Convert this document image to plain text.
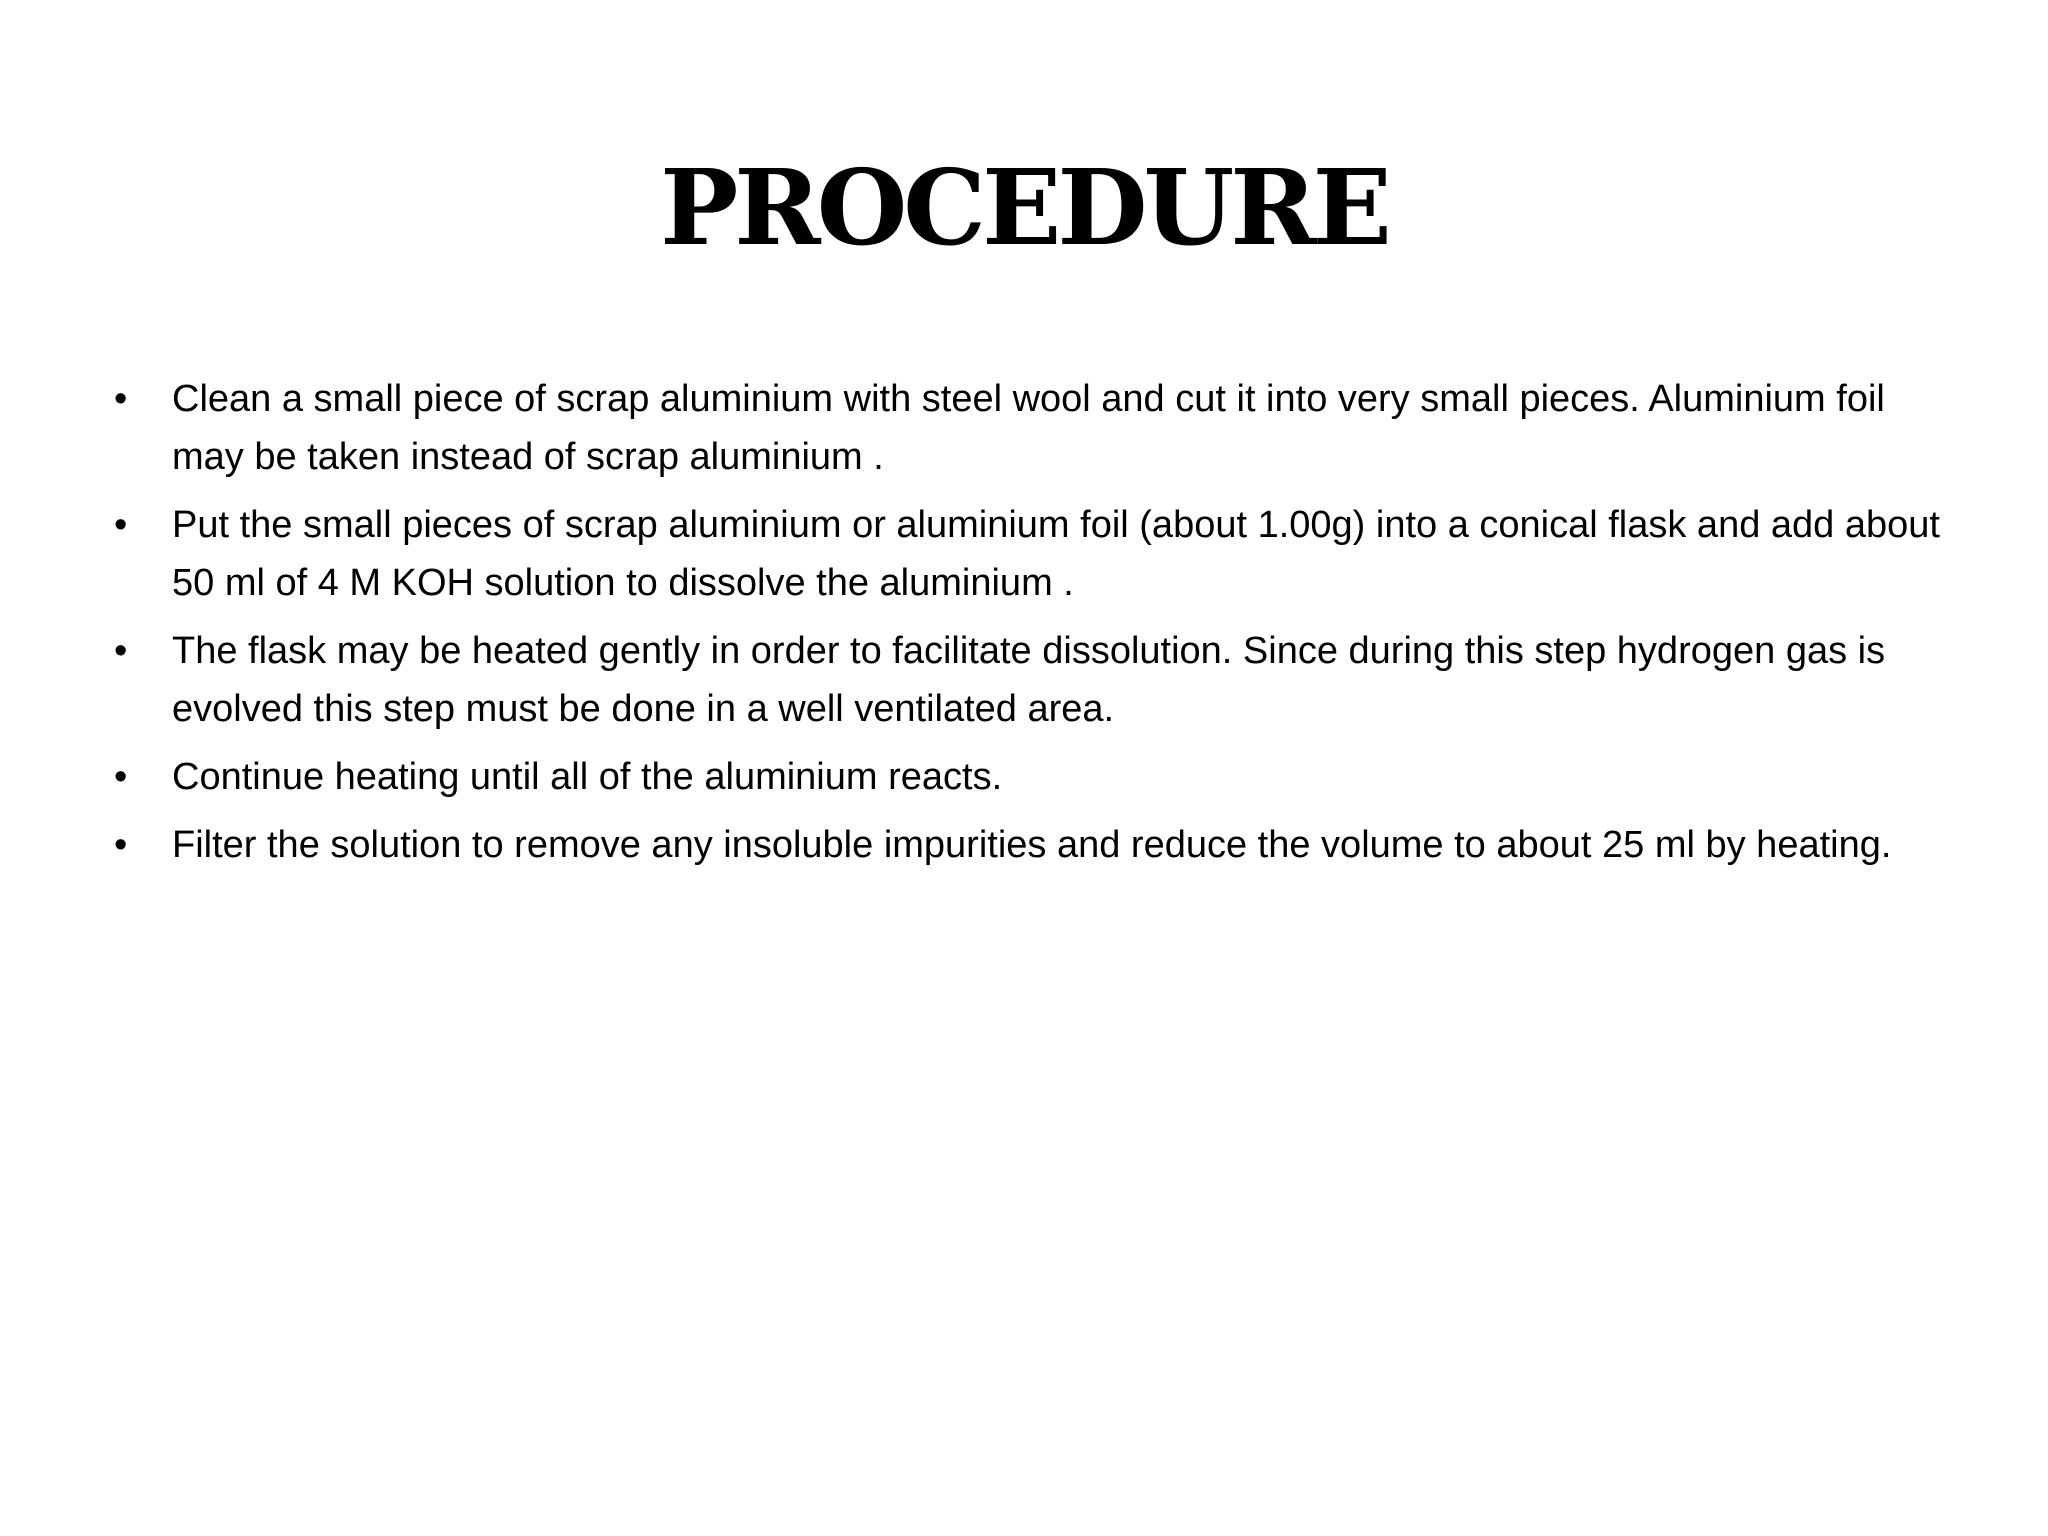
PROCEDURE
•	Clean a small piece of scrap aluminium with steel wool and cut it into very small pieces. Aluminium foil may be taken instead of scrap aluminium .
•	Put the small pieces of scrap aluminium or aluminium foil (about 1.00g) into a conical flask and add about 50 ml of 4 M KOH solution to dissolve the aluminium .
•	The flask may be heated gently in order to facilitate dissolution. Since during this step hydrogen gas is evolved this step must be done in a well ventilated area.
•	Continue heating until all of the aluminium reacts.
•	Filter the solution to remove any insoluble impurities and reduce the volume to about 25 ml by heating.
